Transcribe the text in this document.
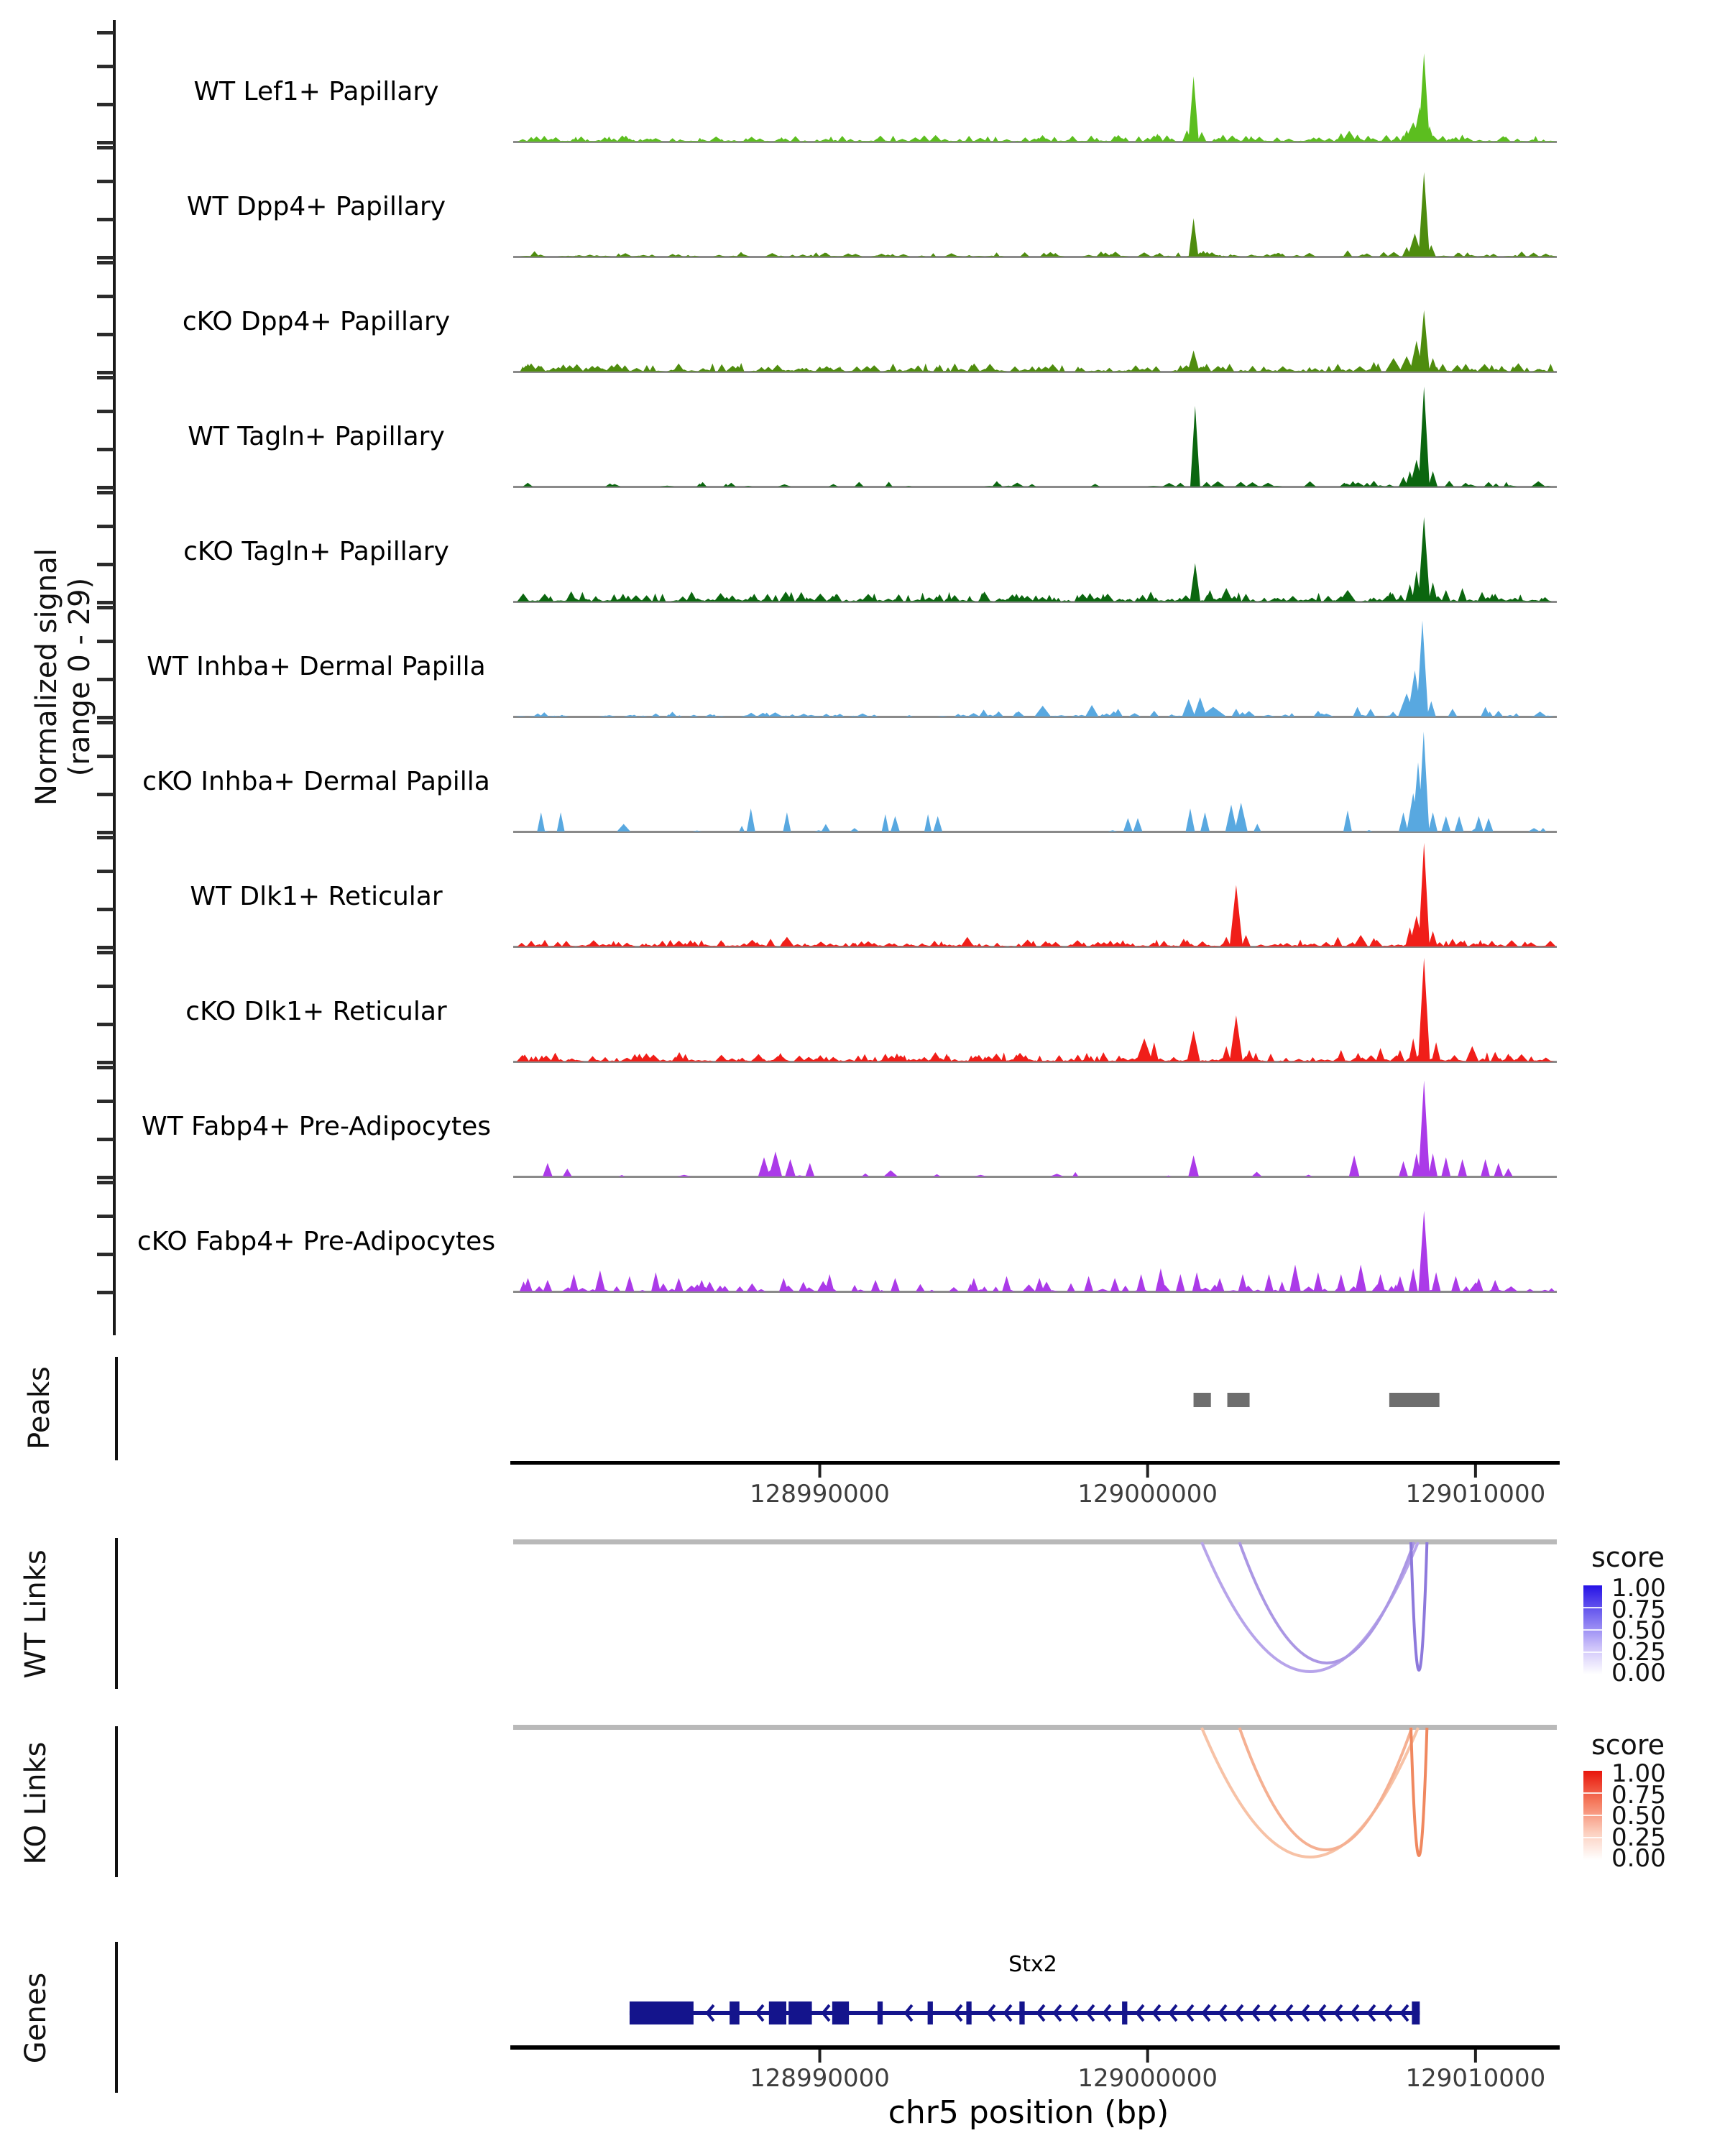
Normalized signal (range 0 - 29)
WT Lef1+ Papillary
WT Dpp4+ Papillary
cKO Dpp4+ Papillary
WT Tagln+ Papillary
cKO Tagln+ Papillary
WT Inhba+ Dermal Papilla
cKO Inhba+ Dermal Papilla
WT Dlk1+ Reticular
cKO Dlk1+ Reticular
WT Fabp4+ Pre-Adipocytes
cKO Fabp4+ Pre-Adipocytes
Peaks
WT Links
KO Links
Genes
128990000	129000000	129010000
128990000	129000000	129010000
score
1.00
0.75
0.50
0.25
0.00
score
1.00
0.75
0.50
0.25
0.00
Stx2
chr5 position (bp)
